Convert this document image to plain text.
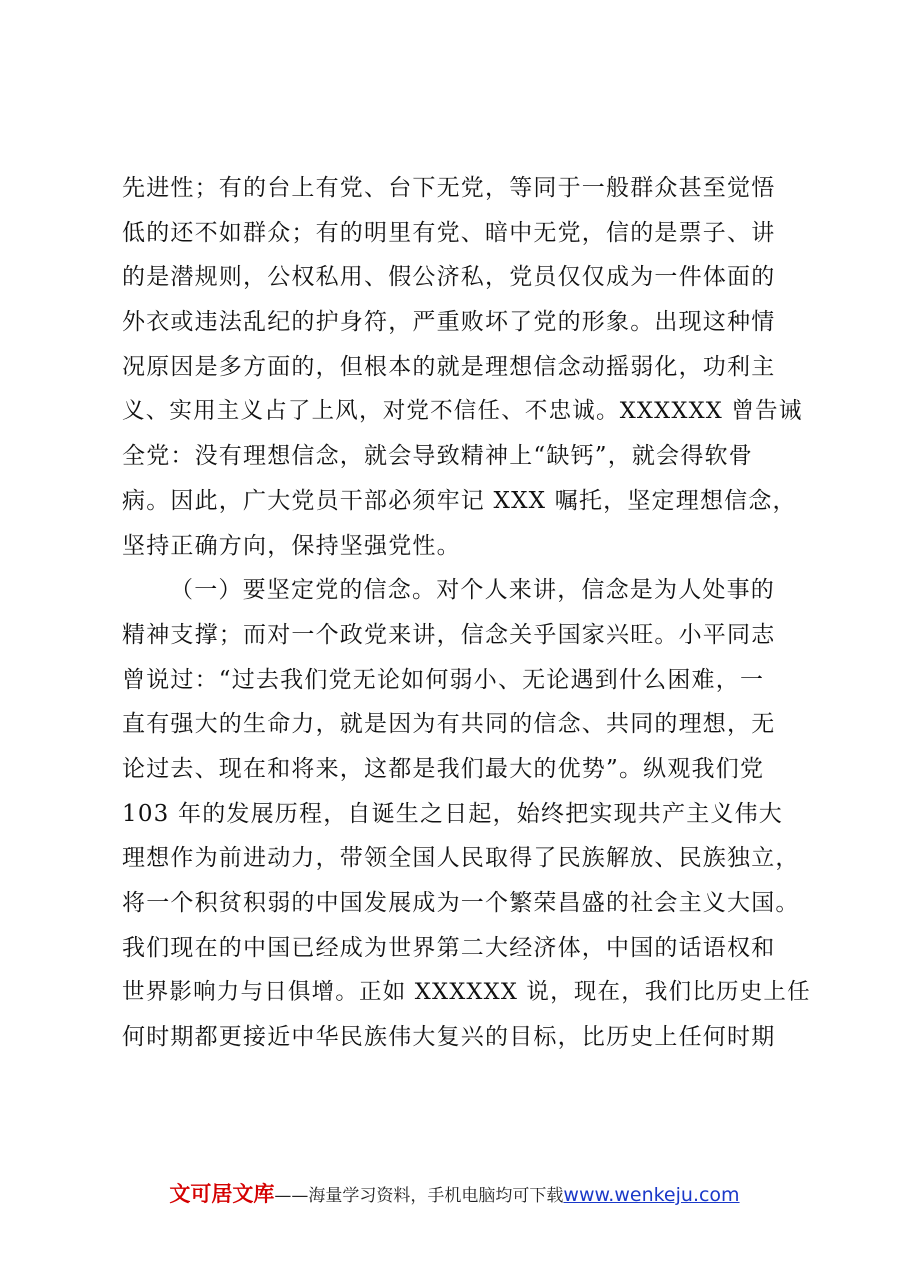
先进性；有的台上有党、台下无党，等同于一般群众甚至觉悟
低的还不如群众；有的明里有党、暗中无党，信的是票子、讲
的是潜规则，公权私用、假公济私，党员仅仅成为一件体面的
外衣或违法乱纪的护身符，严重败坏了党的形象。出现这种情
况原因是多方面的，但根本的就是理想信念动摇弱化，功利主
义、实用主义占了上风，对党不信任、不忠诚。XXXXXX 曾告诫
全党：没有理想信念，就会导致精神上“缺钙”，就会得软骨
病。因此，广大党员干部必须牢记 XXX 嘱托，坚定理想信念，
坚持正确方向，保持坚强党性。
（一）要坚定党的信念。对个人来讲，信念是为人处事的
精神支撑；而对一个政党来讲，信念关乎国家兴旺。小平同志
曾说过：“过去我们党无论如何弱小、无论遇到什么困难，一
直有强大的生命力，就是因为有共同的信念、共同的理想，无
论过去、现在和将来，这都是我们最大的优势”。纵观我们党
103 年的发展历程，自诞生之日起，始终把实现共产主义伟大
理想作为前进动力，带领全国人民取得了民族解放、民族独立，
将一个积贫积弱的中国发展成为一个繁荣昌盛的社会主义大国。
我们现在的中国已经成为世界第二大经济体，中国的话语权和
世界影响力与日俱增。正如 XXXXXX 说，现在，我们比历史上任
何时期都更接近中华民族伟大复兴的目标，比历史上任何时期
文可居文库——海量学习资料，手机电脑均可下载www.wenkeju.com
